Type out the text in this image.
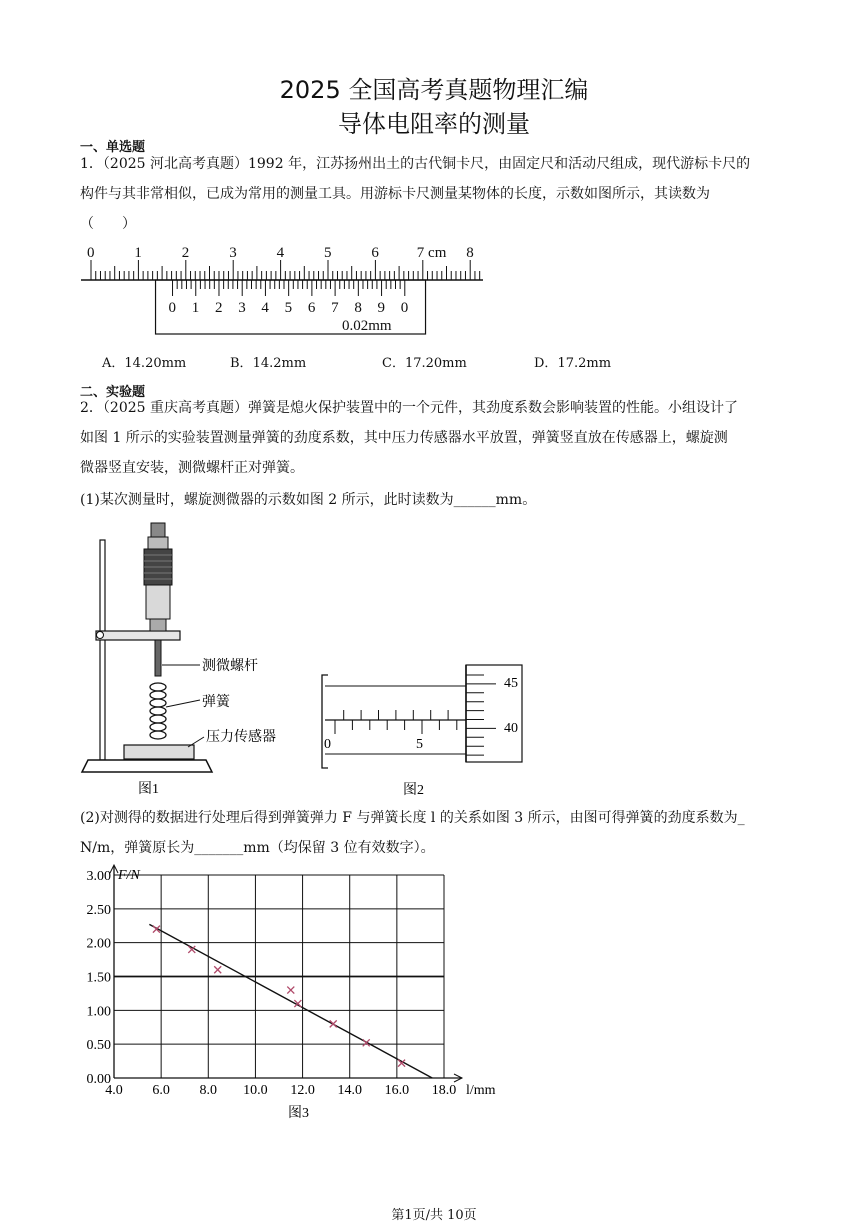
2025 全国高考真题物理汇编
导体电阻率的测量
一、单选题
1．（2025 河北高考真题）1992 年，江苏扬州出土的古代铜卡尺，由固定尺和活动尺组成，现代游标卡尺的
构件与其非常相似，已成为常用的测量工具。用游标卡尺测量某物体的长度，示数如图所示，其读数为
（　　）
0	1	2	3	4	5	6	7 cm 8
0 1 2 3 4 5 6 7 8 9 0
0.02mm
A．14.20mm	B．14.2mm	C．17.20mm	D．17.2mm
二、实验题
2．（2025 重庆高考真题）弹簧是熄火保护装置中的一个元件，其劲度系数会影响装置的性能。小组设计了
如图 1 所示的实验装置测量弹簧的劲度系数，其中压力传感器水平放置，弹簧竖直放在传感器上，螺旋测
微器竖直安装，测微螺杆正对弹簧。
(1)某次测量时，螺旋测微器的示数如图 2 所示，此时读数为______mm。
测微螺杆
弹簧
压力传感器
图1
0	5
45
40
图2
(2)对测得的数据进行处理后得到弹簧弹力 F 与弹簧长度 l 的关系如图 3 所示，由图可得弹簧的劲度系数为_
N/m，弹簧原长为_______mm（均保留 3 位有效数字）。
0.00
0.50
1.00
1.50
2.00
2.50
3.00
4.0 6.0 8.0 10.0 12.0 14.0 16.0 18.0
F/N
l/mm
图3
第1页/共 10页
